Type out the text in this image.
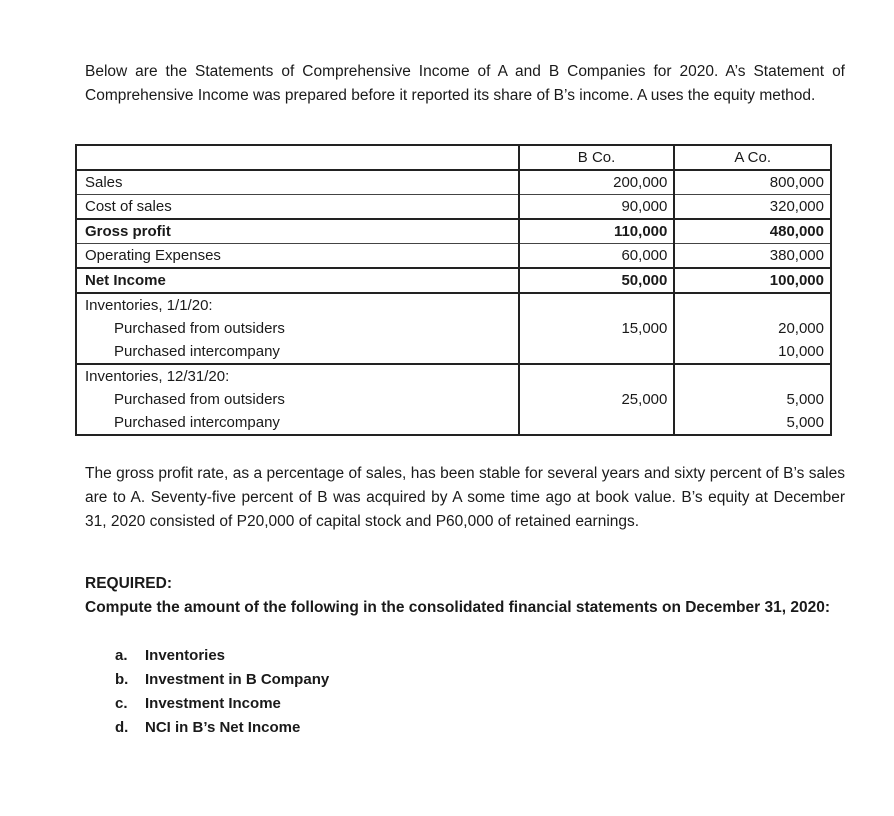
Below are the Statements of Comprehensive Income of A and B Companies for 2020. A’s Statement of Comprehensive Income was prepared before it reported its share of B’s income. A uses the equity method.

	B Co.	A Co.
Sales	200,000	800,000
Cost of sales	90,000	320,000
Gross profit	110,000	480,000
Operating Expenses	60,000	380,000
Net Income	50,000	100,000
Inventories, 1/1/20:		
Purchased from outsiders	15,000	20,000
Purchased intercompany		10,000
Inventories, 12/31/20:		
Purchased from outsiders	25,000	5,000
Purchased intercompany		5,000

The gross profit rate, as a percentage of sales, has been stable for several years and sixty percent of B’s sales are to A. Seventy-five percent of B was acquired by A some time ago at book value. B’s equity at December 31, 2020 consisted of P20,000 of capital stock and P60,000 of retained earnings.

REQUIRED:

Compute the amount of the following in the consolidated financial statements on December 31, 2020:

a. Inventories
b. Investment in B Company
c. Investment Income
d. NCI in B’s Net Income
